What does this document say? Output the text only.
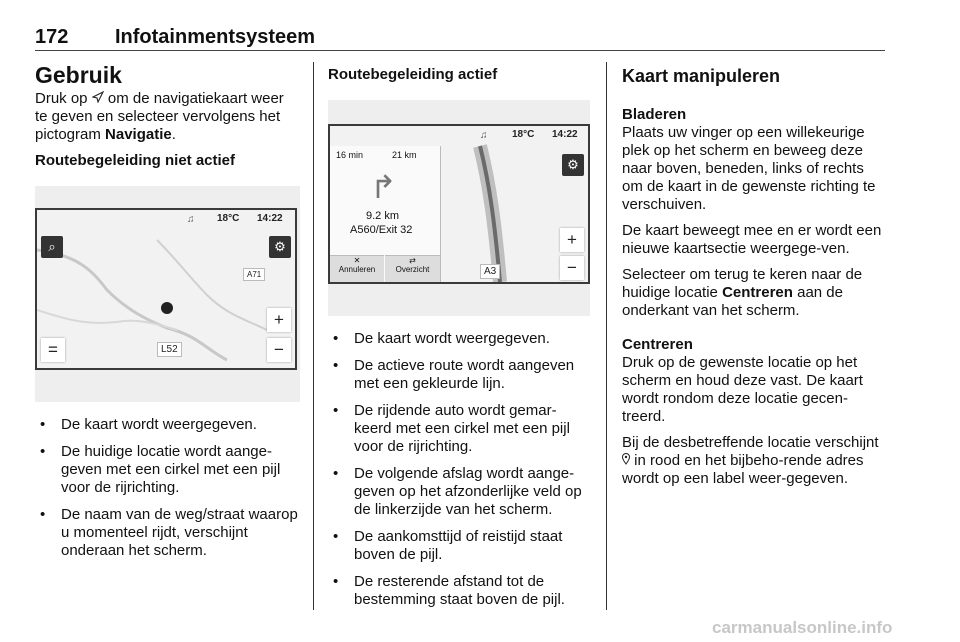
172 Infotainmentsysteem
Gebruik

Druk op  om de navigatiekaart weer te geven en selecteer vervolgens het pictogram Navigatie.

Routebegeleiding niet actief
♫ 18°C 14:22
⌕	⚙
A71
+
−
=	L52
• De kaart wordt weergegeven.
• De huidige locatie wordt aange-geven met een cirkel met een pijl voor de rijrichting.
• De naam van de weg/straat waarop u momenteel rijdt, verschijnt onderaan het scherm.
Routebegeleiding actief
♫ 18°C 14:22
16 min	21 km
↱
9.2 km
A560/Exit 32
✕
Annuleren
⇄
Overzicht
⚙
+
−
A3
• De kaart wordt weergegeven.
• De actieve route wordt aangeven met een gekleurde lijn.
• De rijdende auto wordt gemar-keerd met een cirkel met een pijl voor de rijrichting.
• De volgende afslag wordt aange-geven op het afzonderlijke veld op de linkerzijde van het scherm.
• De aankomsttijd of reistijd staat boven de pijl.
• De resterende afstand tot de bestemming staat boven de pijl.
Kaart manipuleren
Bladeren

Plaats uw vinger op een willekeurige plek op het scherm en beweeg deze naar boven, beneden, links of rechts om de kaart in de gewenste richting te verschuiven.

De kaart beweegt mee en er wordt een nieuwe kaartsectie weergege-ven.

Selecteer om terug te keren naar de huidige locatie Centreren aan de onderkant van het scherm.

Centreren

Druk op de gewenste locatie op het scherm en houd deze vast. De kaart wordt rondom deze locatie gecen-treerd.

Bij de desbetreffende locatie verschijnt  in rood en het bijbeho-rende adres wordt op een label weer-gegeven.

carmanualsonline.info
